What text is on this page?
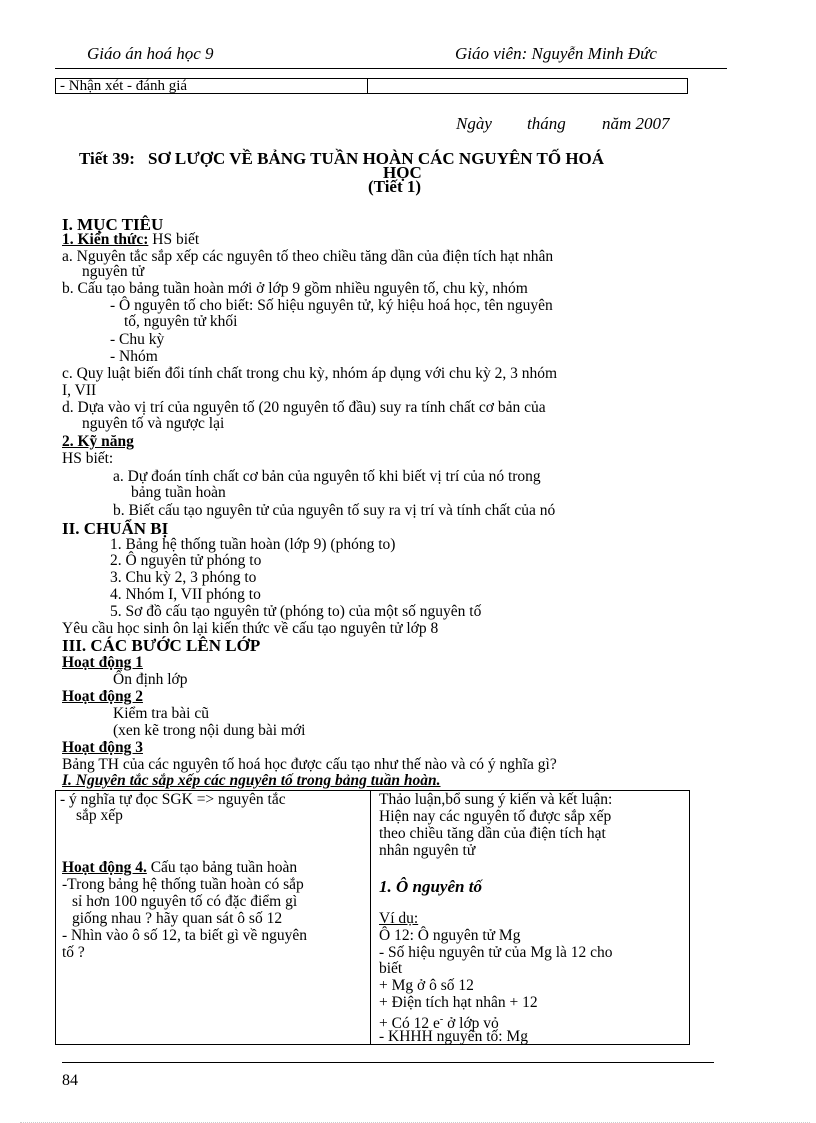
Giáo án hoá học 9	Giáo viên: Nguyễn Minh Đức
- Nhận xét - đánh giá	
Ngày tháng năm 2007
Tiết 39: SƠ LƯỢC VỀ BẢNG TUẦN HOÀN CÁC NGUYÊN TỐ HOÁ
HỌC
(Tiết 1)
I. MỤC TIÊU
1. Kiến thức: HS biết
a. Nguyên tắc sắp xếp các nguyên tố theo chiều tăng dần của điện tích hạt nhân
nguyên tử
b. Cấu tạo bảng tuần hoàn mới ở lớp 9 gồm nhiều nguyên tố, chu kỳ, nhóm
- Ô nguyên tố cho biết: Số hiệu nguyên tử, ký hiệu hoá học, tên nguyên
tố, nguyên tử khối
- Chu kỳ
- Nhóm
c. Quy luật biến đổi tính chất trong chu kỳ, nhóm áp dụng với chu kỳ 2, 3 nhóm
I, VII
d. Dựa vào vị trí của nguyên tố (20 nguyên tố đầu) suy ra tính chất cơ bản của
nguyên tố và ngược lại
2. Kỹ năng
HS biết:
a. Dự đoán tính chất cơ bản của nguyên tố khi biết vị trí của nó trong
bảng tuần hoàn
b. Biết cấu tạo nguyên tử của nguyên tố suy ra vị trí và tính chất của nó
II. CHUẨN BỊ
1. Bảng hệ thống tuần hoàn (lớp 9) (phóng to)
2. Ô nguyên tử phóng to
3. Chu kỳ 2, 3 phóng to
4. Nhóm I, VII phóng to
5. Sơ đồ cấu tạo nguyên tử (phóng to) của một số nguyên tố
Yêu cầu học sinh ôn lại kiến thức về cấu tạo nguyên tử lớp 8
III. CÁC BƯỚC LÊN LỚP
Hoạt động 1
Ổn định lớp
Hoạt động 2
Kiểm tra bài cũ
(xen kẽ trong nội dung bài mới
Hoạt động 3
Bảng TH của các nguyên tố hoá học được cấu tạo như thế nào và có ý nghĩa gì?
I. Nguyên tắc sắp xếp các nguyên tố trong bảng tuần hoàn.
- ý nghĩa tự đọc SGK => nguyên tắc
sắp xếp
Hoạt động 4. Cấu tạo bảng tuần hoàn
-Trong bảng hệ thống tuần hoàn có sắp
sỉ hơn 100 nguyên tố có đặc điểm gì
giống nhau ? hãy quan sát ô số 12
- Nhìn vào ô số 12, ta biết gì về nguyên
tố ?
Thảo luận,bổ sung ý kiến và kết luận:
Hiện nay các nguyên tố được sắp xếp
theo chiều tăng dần của điện tích hạt
nhân nguyên tử
1. Ô nguyên tố
Ví dụ:
Ô 12: Ô nguyên tử Mg
- Số hiệu nguyên tử của Mg là 12 cho
biết
+ Mg ở ô số 12
+ Điện tích hạt nhân + 12
+ Có 12 e- ở lớp vỏ
- KHHH nguyên tố: Mg
84
